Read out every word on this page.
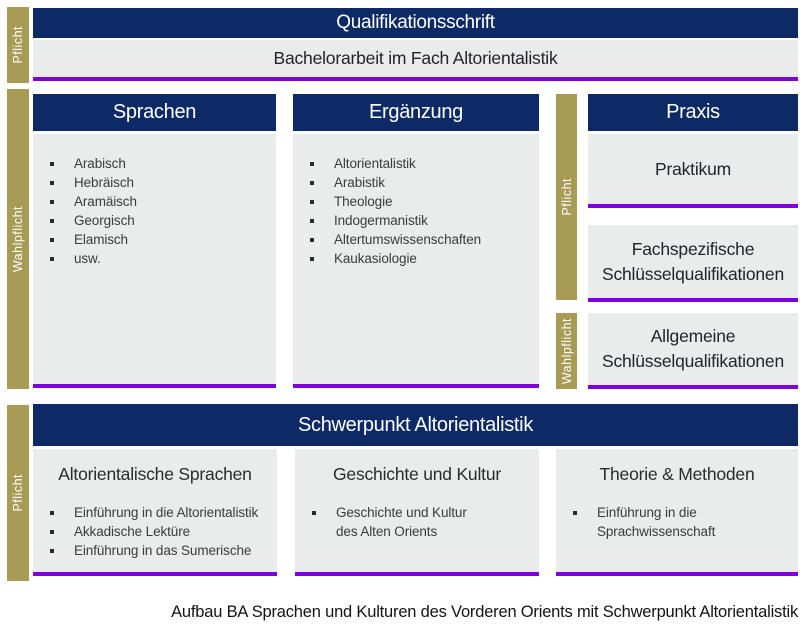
Pflicht
Wahlpflicht
Pflicht
Pflicht
Wahlpflicht
Qualifikationsschrift
Bachelorarbeit im Fach Altorientalistik
Sprachen
Arabisch
Hebräisch
Aramäisch
Georgisch
Elamisch
usw.
Ergänzung
Altorientalistik
Arabistik
Theologie
Indogermanistik
Altertumswissenschaften
Kaukasiologie
Praxis
Praktikum
Fachspezifische Schlüsselqualifikationen
Allgemeine Schlüsselqualifikationen
Schwerpunkt Altorientalistik
Altorientalische Sprachen
Einführung in die Altorientalistik
Akkadische Lektüre
Einführung in das Sumerische
Geschichte und Kultur
Geschichte und Kultur des Alten Orients
Theorie & Methoden
Einführung in die Sprachwissenschaft
Aufbau BA Sprachen und Kulturen des Vorderen Orients mit Schwerpunkt Altorientalistik
